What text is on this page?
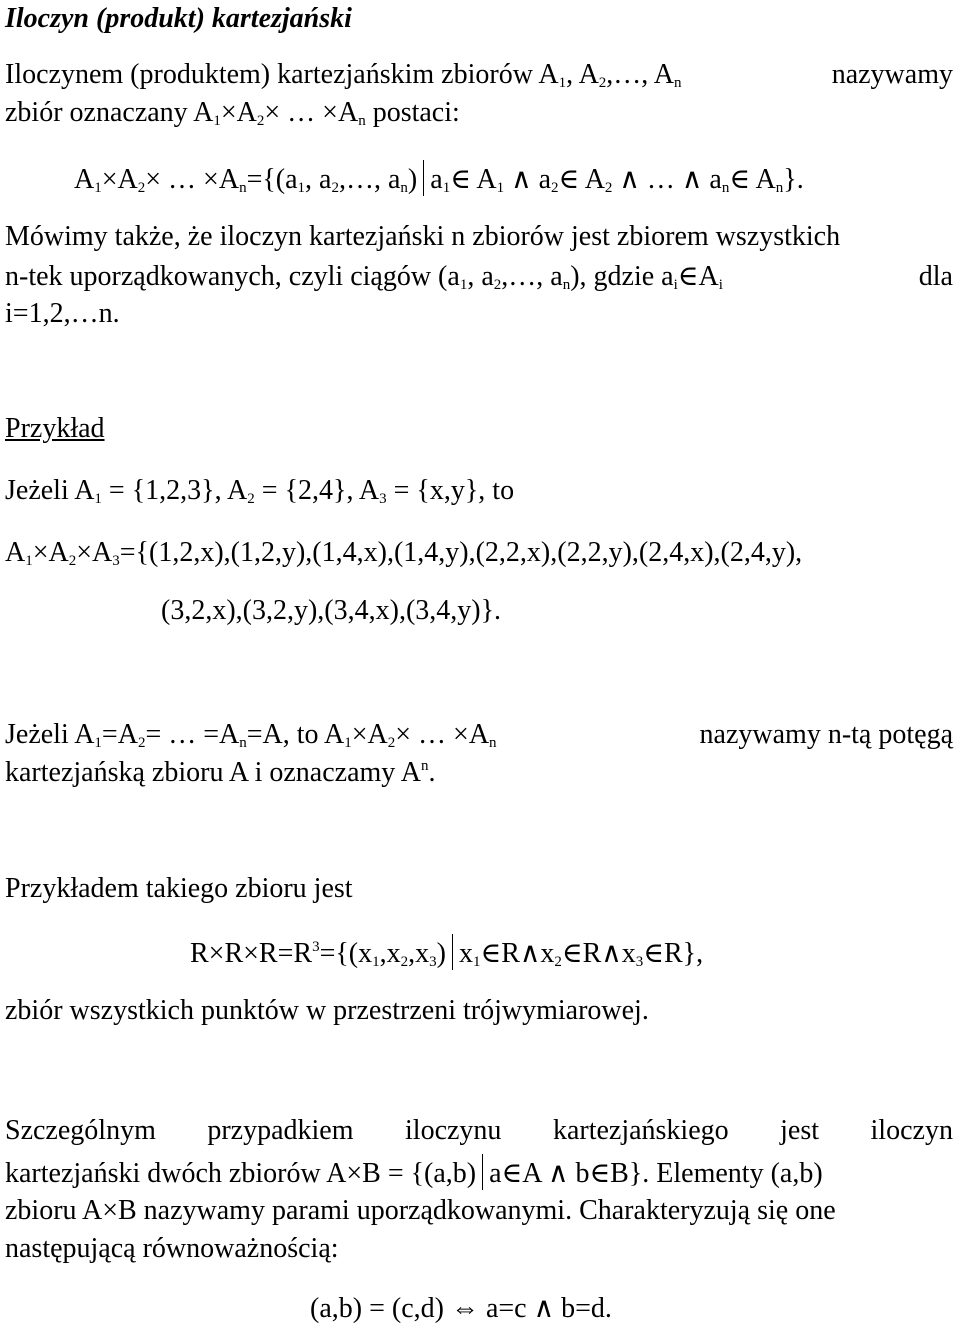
Iloczyn (produkt) kartezjański
Iloczynem (produktem) kartezjańskim zbiorów $A_1$, $A_2,\dots$, $A_n$	nazywamy
zbiór oznaczany $A_1\times A_2\times$ … $\times A_n$ postaci:
$A_1\times A_2\times$ … $\times A_n=\{(a_1$, $a_2,\dots$, $a_n$) $a_1\in$ $A_1$ ∧ $a_2\in$ $A_2$ ∧ … ∧ $a_n\in$ $A_n$}.
Mówimy także, że iloczyn kartezjański n zbiorów jest zbiorem wszystkich
n-tek uporządkowanych, czyli ciągów ($a_1$, $a_2,\dots$, $a_n$), gdzie $a_i\in A_i$	dla
i=1,2,…n.
Przykład
Jeżeli $A_1 = \{1,2,3\}$, $A_2 = \{2,4\}$, $A_3 = \{x,y\}$, to
$A_1\times A_2\times A_3=\{(1,2,x),(1,2,y),(1,4,x),(1,4,y),(2,2,x),(2,2,y),(2,4,x),(2,4,y)$,
(3,2,x),(3,2,y),(3,4,x),(3,4,y)}.
Jeżeli $A_1=A_2=$ … $=A_n=A$, to $A_1\times A_2\times$ … $\times A_n$	nazywamy n-tą potęgą
kartezjańską zbioru A i oznaczamy $A^n$.
Przykładem takiego zbioru jest
$R\times R\times R=R^3=\{(x_1,x_2,x_3)$ $x_1\in R\wedge x_2\in R\wedge x_3\in R$},
zbiór wszystkich punktów w przestrzeni trójwymiarowej.
Szczególnym przypadkiem iloczynu kartezjańskiego jest iloczyn
kartezjański dwóch zbiorów A×B = {(a,b) a∈A ∧ b∈B}. Elementy (a,b)
zbioru A×B nazywamy parami uporządkowanymi. Charakteryzują się one
następującą równoważnością:
(a,b) = (c,d) ⇔ a=c ∧ b=d.
